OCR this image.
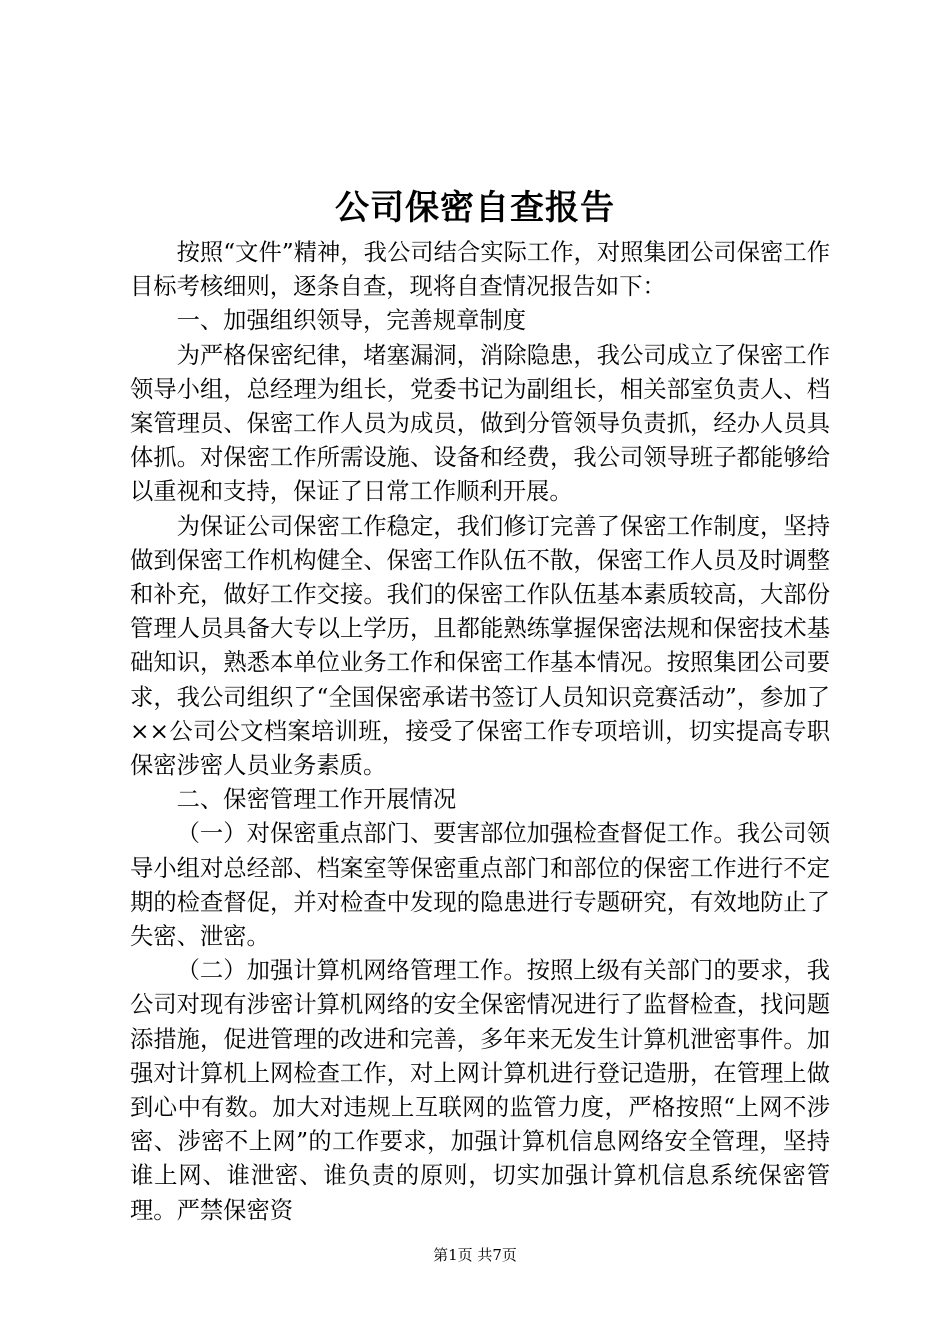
公司保密自查报告

按照“文件”精神，我公司结合实际工作，对照集团公司保密工作目标考核细则，逐条自查，现将自查情况报告如下：

一、加强组织领导，完善规章制度

为严格保密纪律，堵塞漏洞，消除隐患，我公司成立了保密工作领导小组，总经理为组长，党委书记为副组长，相关部室负责人、档案管理员、保密工作人员为成员，做到分管领导负责抓，经办人员具体抓。对保密工作所需设施、设备和经费，我公司领导班子都能够给以重视和支持，保证了日常工作顺利开展。

为保证公司保密工作稳定，我们修订完善了保密工作制度，坚持做到保密工作机构健全、保密工作队伍不散，保密工作人员及时调整和补充，做好工作交接。我们的保密工作队伍基本素质较高，大部份管理人员具备大专以上学历，且都能熟练掌握保密法规和保密技术基础知识，熟悉本单位业务工作和保密工作基本情况。按照集团公司要求，我公司组织了“全国保密承诺书签订人员知识竞赛活动”，参加了××公司公文档案培训班，接受了保密工作专项培训，切实提高专职保密涉密人员业务素质。

二、保密管理工作开展情况

（一）对保密重点部门、要害部位加强检查督促工作。我公司领导小组对总经部、档案室等保密重点部门和部位的保密工作进行不定期的检查督促，并对检查中发现的隐患进行专题研究，有效地防止了失密、泄密。

（二）加强计算机网络管理工作。按照上级有关部门的要求，我公司对现有涉密计算机网络的安全保密情况进行了监督检查，找问题添措施，促进管理的改进和完善，多年来无发生计算机泄密事件。加强对计算机上网检查工作，对上网计算机进行登记造册，在管理上做到心中有数。加大对违规上互联网的监管力度，严格按照“上网不涉密、涉密不上网”的工作要求，加强计算机信息网络安全管理，坚持谁上网、谁泄密、谁负责的原则，切实加强计算机信息系统保密管理。严禁保密资

第1页 共7页
